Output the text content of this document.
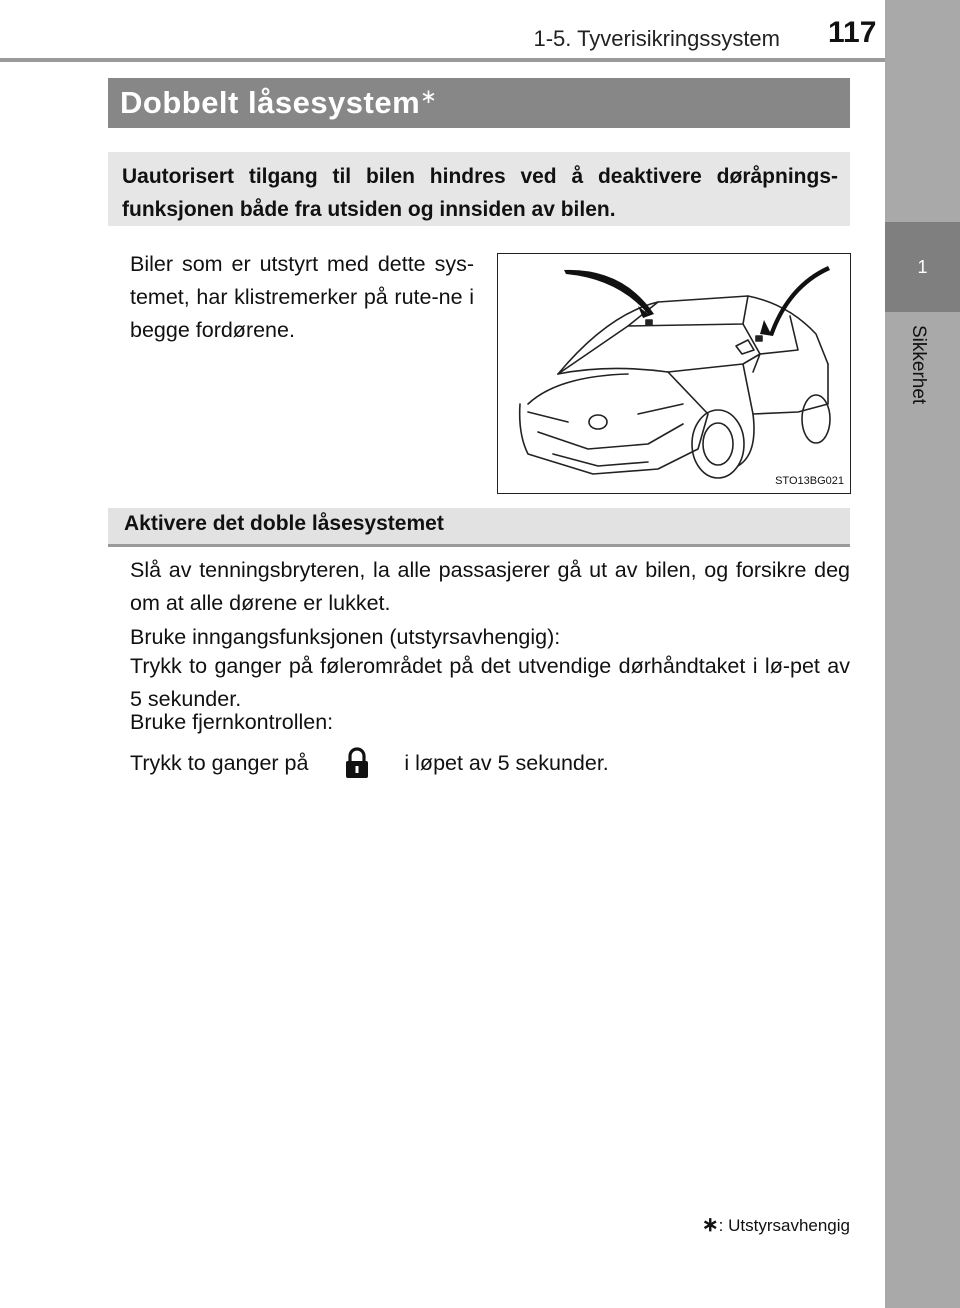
1-5. Tyverisikringssystem 117
1
Sikkerhet
Dobbelt låsesystem∗
Uautorisert tilgang til bilen hindres ved å deaktivere døråpnings-funksjonen både fra utsiden og innsiden av bilen.
Biler som er utstyrt med dette sys-temet, har klistremerker på rute-ne i begge fordørene.
STO13BG021
Aktivere det doble låsesystemet
Slå av tenningsbryteren, la alle passasjerer gå ut av bilen, og forsikre deg om at alle dørene er lukket.
Bruke inngangsfunksjonen (utstyrsavhengig):
Trykk to ganger på følerområdet på det utvendige dørhåndtaket i lø-pet av 5 sekunder.
Bruke fjernkontrollen:
Trykk to ganger på	i løpet av 5 sekunder.
∗: Utstyrsavhengig
